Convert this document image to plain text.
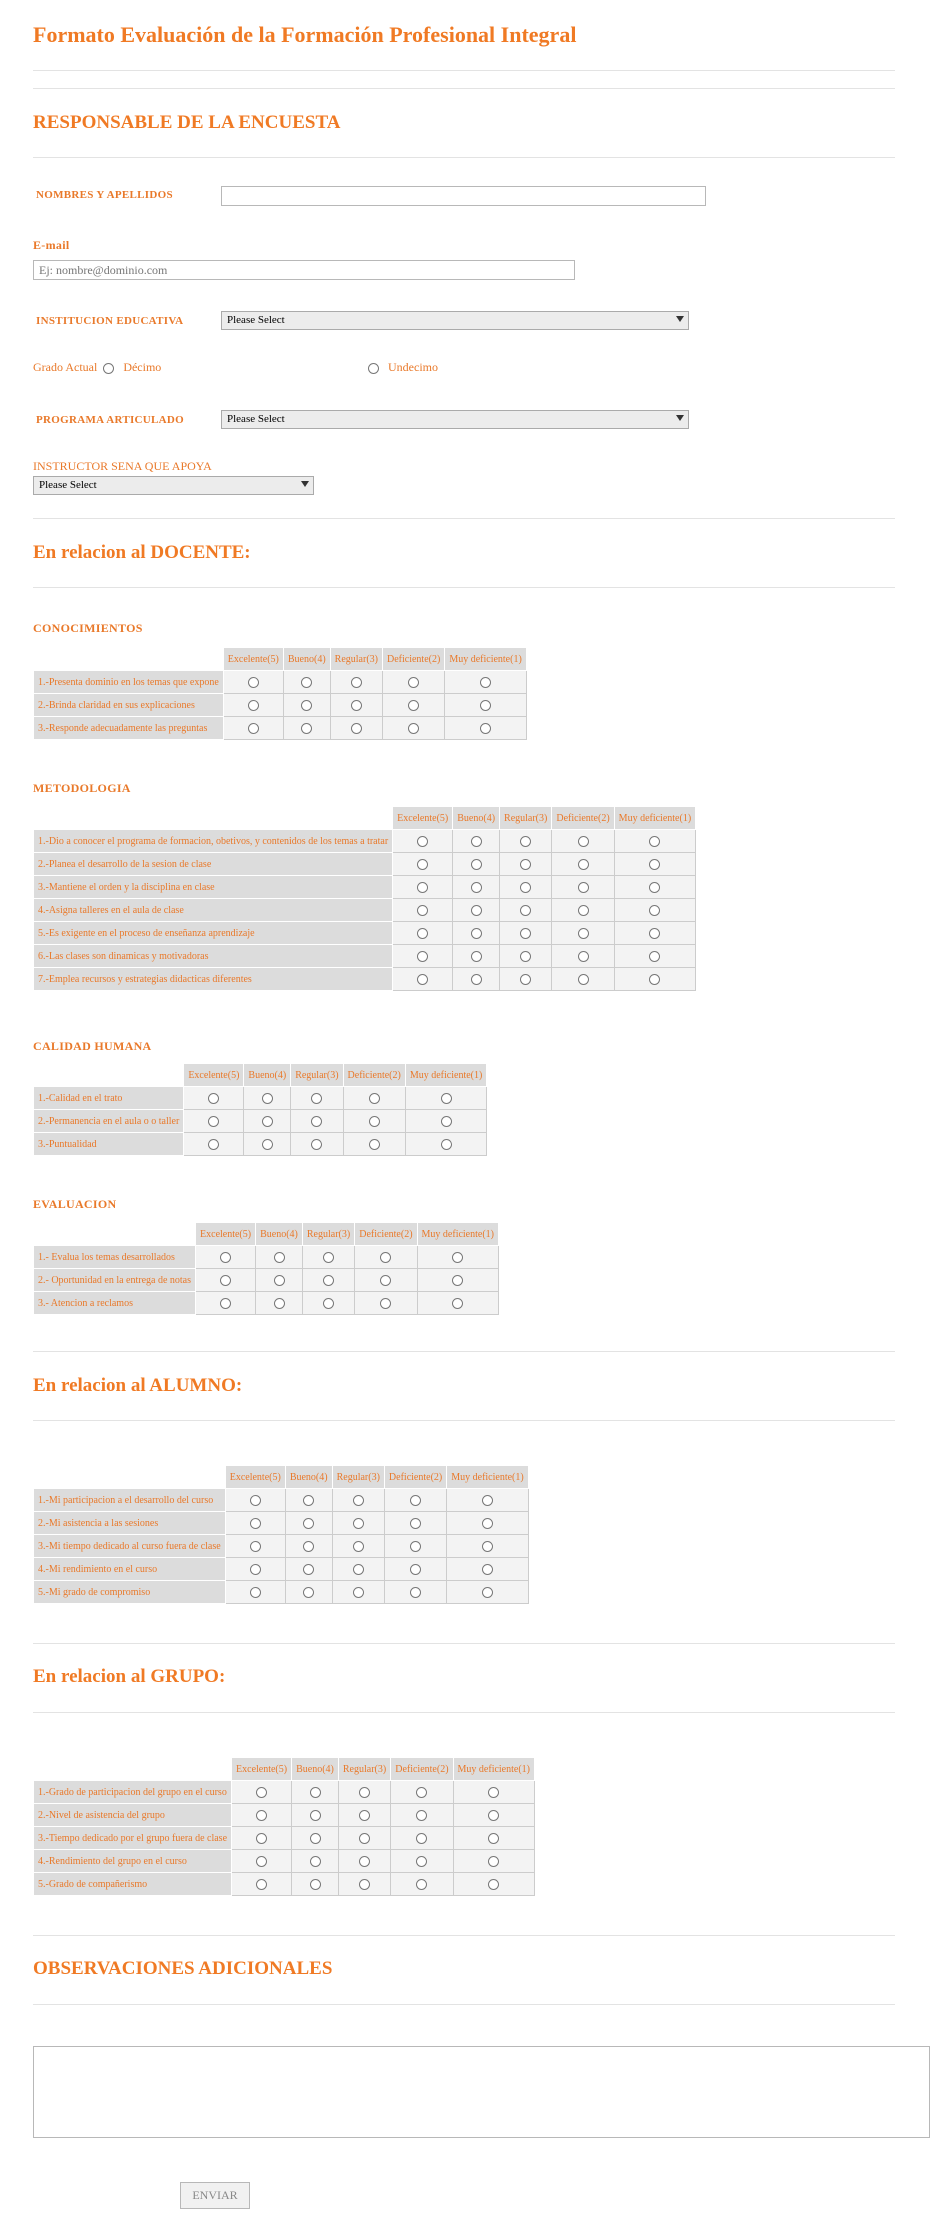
Formato Evaluación de la Formación Profesional Integral
RESPONSABLE DE LA ENCUESTA
NOMBRES Y APELLIDOS
E-mail
Ej: nombre@dominio.com
INSTITUCION EDUCATIVA	Please Select
Grado Actual Décimo	Undecimo
PROGRAMA ARTICULADO	Please Select
INSTRUCTOR SENA QUE APOYA
Please Select
En relacion al DOCENTE:
CONOCIMIENTOS
	Excelente(5)	Bueno(4)	Regular(3)	Deficiente(2)	Muy deficiente(1)
1.-Presenta dominio en los temas que expone					
2.-Brinda claridad en sus explicaciones					
3.-Responde adecuadamente las preguntas					
METODOLOGIA
	Excelente(5)	Bueno(4)	Regular(3)	Deficiente(2)	Muy deficiente(1)
1.-Dio a conocer el programa de formacion, obetivos, y contenidos de los temas a tratar					
2.-Planea el desarrollo de la sesion de clase					
3.-Mantiene el orden y la disciplina en clase					
4.-Asigna talleres en el aula de clase					
5.-Es exigente en el proceso de enseñanza aprendizaje					
6.-Las clases son dinamicas y motivadoras					
7.-Emplea recursos y estrategias didacticas diferentes					
CALIDAD HUMANA
	Excelente(5)	Bueno(4)	Regular(3)	Deficiente(2)	Muy deficiente(1)
1.-Calidad en el trato					
2.-Permanencia en el aula o o taller					
3.-Puntualidad					
EVALUACION
	Excelente(5)	Bueno(4)	Regular(3)	Deficiente(2)	Muy deficiente(1)
1.- Evalua los temas desarrollados					
2.- Oportunidad en la entrega de notas					
3.- Atencion a reclamos					
En relacion al ALUMNO:
	Excelente(5)	Bueno(4)	Regular(3)	Deficiente(2)	Muy deficiente(1)
1.-Mi participacion a el desarrollo del curso					
2.-Mi asistencia a las sesiones					
3.-Mi tiempo dedicado al curso fuera de clase					
4.-Mi rendimiento en el curso					
5.-Mi grado de compromiso					
En relacion al GRUPO:
	Excelente(5)	Bueno(4)	Regular(3)	Deficiente(2)	Muy deficiente(1)
1.-Grado de participacion del grupo en el curso					
2.-Nivel de asistencia del grupo					
3.-Tiempo dedicado por el grupo fuera de clase					
4.-Rendimiento del grupo en el curso					
5.-Grado de compañerismo					
OBSERVACIONES ADICIONALES
ENVIAR
